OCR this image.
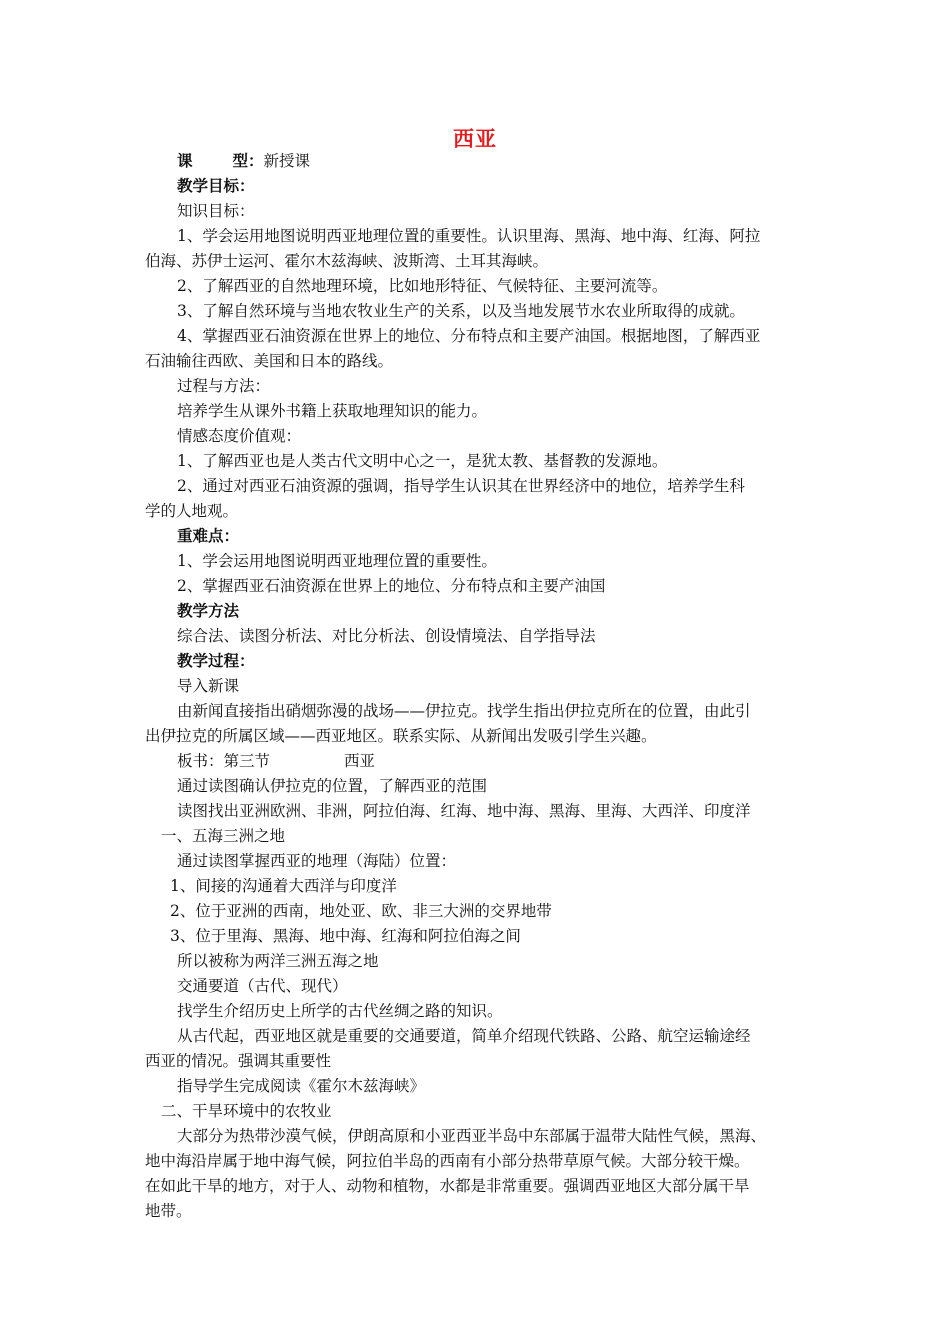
西亚
课	型：新授课
教学目标：
知识目标：
1、学会运用地图说明西亚地理位置的重要性。认识里海、黑海、地中海、红海、阿拉
伯海、苏伊士运河、霍尔木兹海峡、波斯湾、土耳其海峡。
2、了解西亚的自然地理环境，比如地形特征、气候特征、主要河流等。
3、了解自然环境与当地农牧业生产的关系，以及当地发展节水农业所取得的成就。
4、掌握西亚石油资源在世界上的地位、分布特点和主要产油国。根据地图，了解西亚
石油输往西欧、美国和日本的路线。
过程与方法：
培养学生从课外书籍上获取地理知识的能力。
情感态度价值观：
1、了解西亚也是人类古代文明中心之一，是犹太教、基督教的发源地。
2、通过对西亚石油资源的强调，指导学生认识其在世界经济中的地位，培养学生科
学的人地观。
重难点：
1、学会运用地图说明西亚地理位置的重要性。
2、掌握西亚石油资源在世界上的地位、分布特点和主要产油国
教学方法
综合法、读图分析法、对比分析法、创设情境法、自学指导法
教学过程：
导入新课
由新闻直接指出硝烟弥漫的战场——伊拉克。找学生指出伊拉克所在的位置，由此引
出伊拉克的所属区域——西亚地区。联系实际、从新闻出发吸引学生兴趣。
板书：第三节	西亚
通过读图确认伊拉克的位置，了解西亚的范围
读图找出亚洲欧洲、非洲，阿拉伯海、红海、地中海、黑海、里海、大西洋、印度洋
一、五海三洲之地
通过读图掌握西亚的地理（海陆）位置：
1、间接的沟通着大西洋与印度洋
2、位于亚洲的西南，地处亚、欧、非三大洲的交界地带
3、位于里海、黑海、地中海、红海和阿拉伯海之间
所以被称为两洋三洲五海之地
交通要道（古代、现代）
找学生介绍历史上所学的古代丝绸之路的知识。
从古代起，西亚地区就是重要的交通要道，简单介绍现代铁路、公路、航空运输途经
西亚的情况。强调其重要性
指导学生完成阅读《霍尔木兹海峡》
二、干旱环境中的农牧业
大部分为热带沙漠气候，伊朗高原和小亚西亚半岛中东部属于温带大陆性气候，黑海、
地中海沿岸属于地中海气候，阿拉伯半岛的西南有小部分热带草原气候。大部分较干燥。
在如此干旱的地方，对于人、动物和植物，水都是非常重要。强调西亚地区大部分属干旱
地带。
